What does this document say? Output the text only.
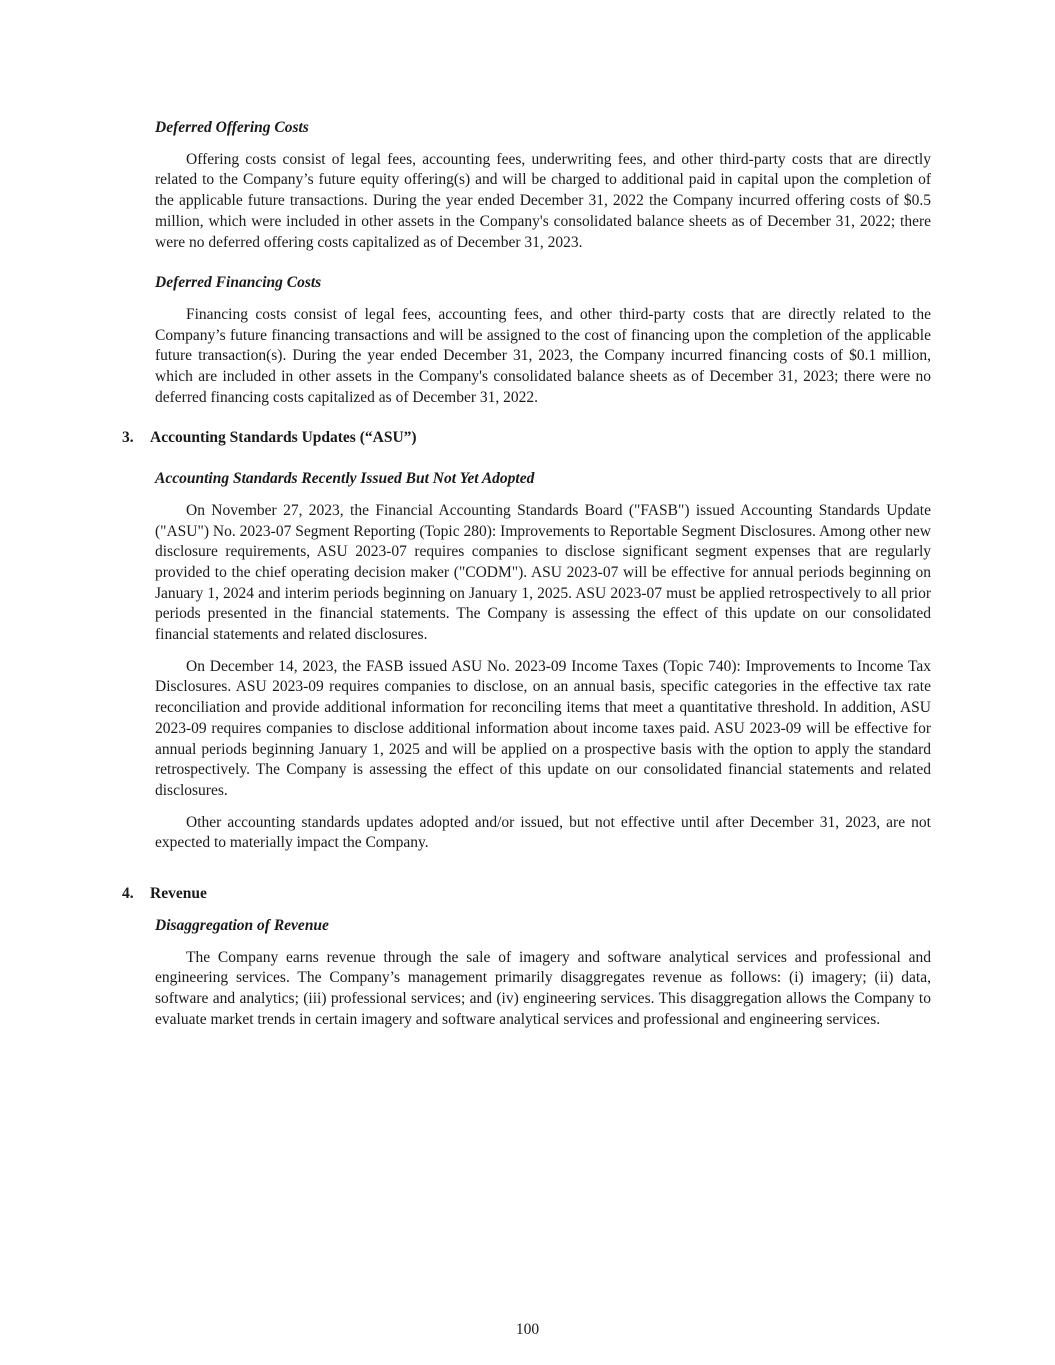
Deferred Offering Costs

Offering costs consist of legal fees, accounting fees, underwriting fees, and other third-party costs that are directly related to the Company’s future equity offering(s) and will be charged to additional paid in capital upon the completion of the applicable future transactions. During the year ended December 31, 2022 the Company incurred offering costs of $0.5 million, which were included in other assets in the Company's consolidated balance sheets as of December 31, 2022; there were no deferred offering costs capitalized as of December 31, 2023.

Deferred Financing Costs

Financing costs consist of legal fees, accounting fees, and other third-party costs that are directly related to the Company’s future financing transactions and will be assigned to the cost of financing upon the completion of the applicable future transaction(s). During the year ended December 31, 2023, the Company incurred financing costs of $0.1 million, which are included in other assets in the Company's consolidated balance sheets as of December 31, 2023; there were no deferred financing costs capitalized as of December 31, 2022.

3. Accounting Standards Updates (“ASU”)
Accounting Standards Recently Issued But Not Yet Adopted

On November 27, 2023, the Financial Accounting Standards Board ("FASB") issued Accounting Standards Update ("ASU") No. 2023-07 Segment Reporting (Topic 280): Improvements to Reportable Segment Disclosures. Among other new disclosure requirements, ASU 2023-07 requires companies to disclose significant segment expenses that are regularly provided to the chief operating decision maker ("CODM"). ASU 2023-07 will be effective for annual periods beginning on January 1, 2024 and interim periods beginning on January 1, 2025. ASU 2023-07 must be applied retrospectively to all prior periods presented in the financial statements. The Company is assessing the effect of this update on our consolidated financial statements and related disclosures.

On December 14, 2023, the FASB issued ASU No. 2023-09 Income Taxes (Topic 740): Improvements to Income Tax Disclosures. ASU 2023-09 requires companies to disclose, on an annual basis, specific categories in the effective tax rate reconciliation and provide additional information for reconciling items that meet a quantitative threshold. In addition, ASU 2023-09 requires companies to disclose additional information about income taxes paid. ASU 2023-09 will be effective for annual periods beginning January 1, 2025 and will be applied on a prospective basis with the option to apply the standard retrospectively. The Company is assessing the effect of this update on our consolidated financial statements and related disclosures.

Other accounting standards updates adopted and/or issued, but not effective until after December 31, 2023, are not expected to materially impact the Company.

4. Revenue
Disaggregation of Revenue

The Company earns revenue through the sale of imagery and software analytical services and professional and engineering services. The Company’s management primarily disaggregates revenue as follows: (i) imagery; (ii) data, software and analytics; (iii) professional services; and (iv) engineering services. This disaggregation allows the Company to evaluate market trends in certain imagery and software analytical services and professional and engineering services.

100
